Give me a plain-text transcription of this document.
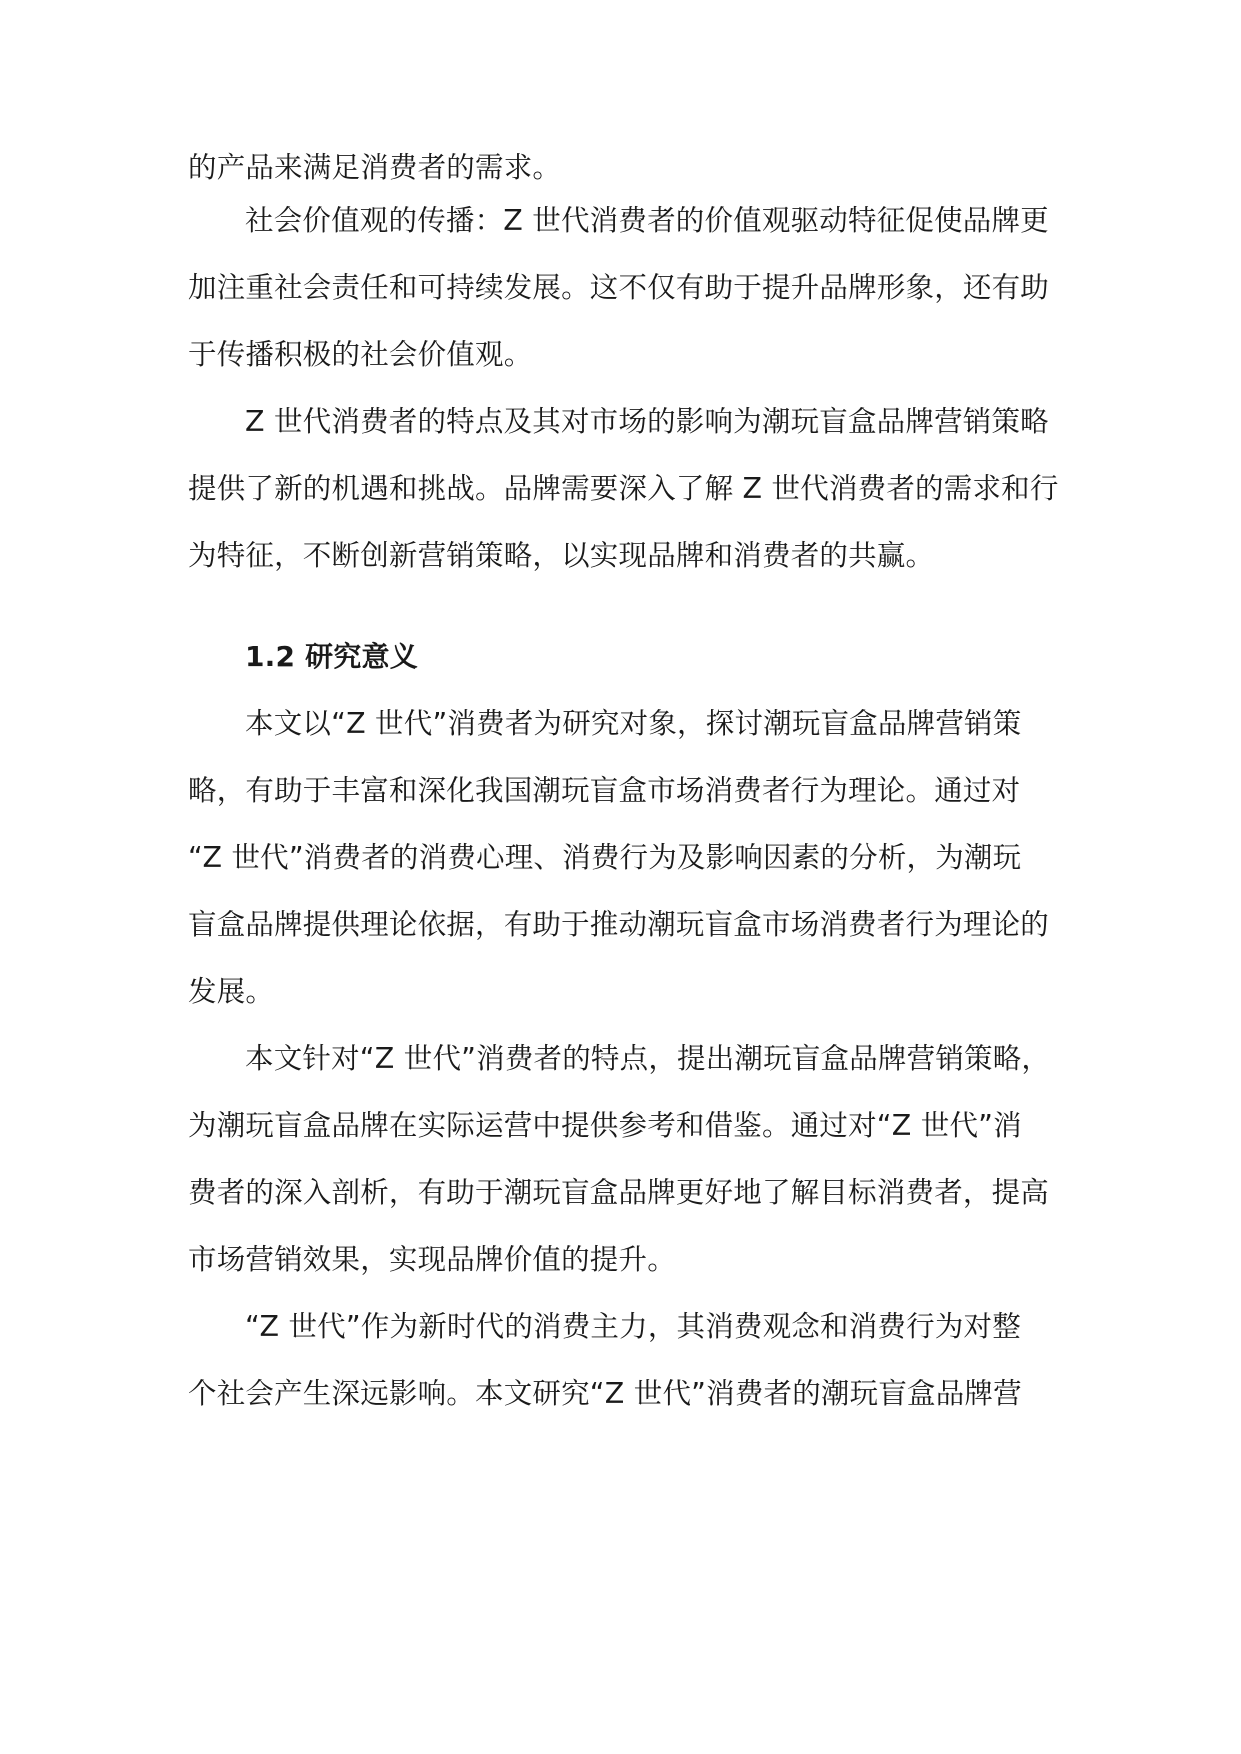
的产品来满足消费者的需求。
社会价值观的传播：Z 世代消费者的价值观驱动特征促使品牌更
加注重社会责任和可持续发展。这不仅有助于提升品牌形象，还有助
于传播积极的社会价值观。
Z 世代消费者的特点及其对市场的影响为潮玩盲盒品牌营销策略
提供了新的机遇和挑战。品牌需要深入了解 Z 世代消费者的需求和行
为特征，不断创新营销策略，以实现品牌和消费者的共赢。
1.2 研究意义
本文以“Z 世代”消费者为研究对象，探讨潮玩盲盒品牌营销策
略，有助于丰富和深化我国潮玩盲盒市场消费者行为理论。通过对
“Z 世代”消费者的消费心理、消费行为及影响因素的分析，为潮玩
盲盒品牌提供理论依据，有助于推动潮玩盲盒市场消费者行为理论的
发展。
本文针对“Z 世代”消费者的特点，提出潮玩盲盒品牌营销策略，
为潮玩盲盒品牌在实际运营中提供参考和借鉴。通过对“Z 世代”消
费者的深入剖析，有助于潮玩盲盒品牌更好地了解目标消费者，提高
市场营销效果，实现品牌价值的提升。
“Z 世代”作为新时代的消费主力，其消费观念和消费行为对整
个社会产生深远影响。本文研究“Z 世代”消费者的潮玩盲盒品牌营
